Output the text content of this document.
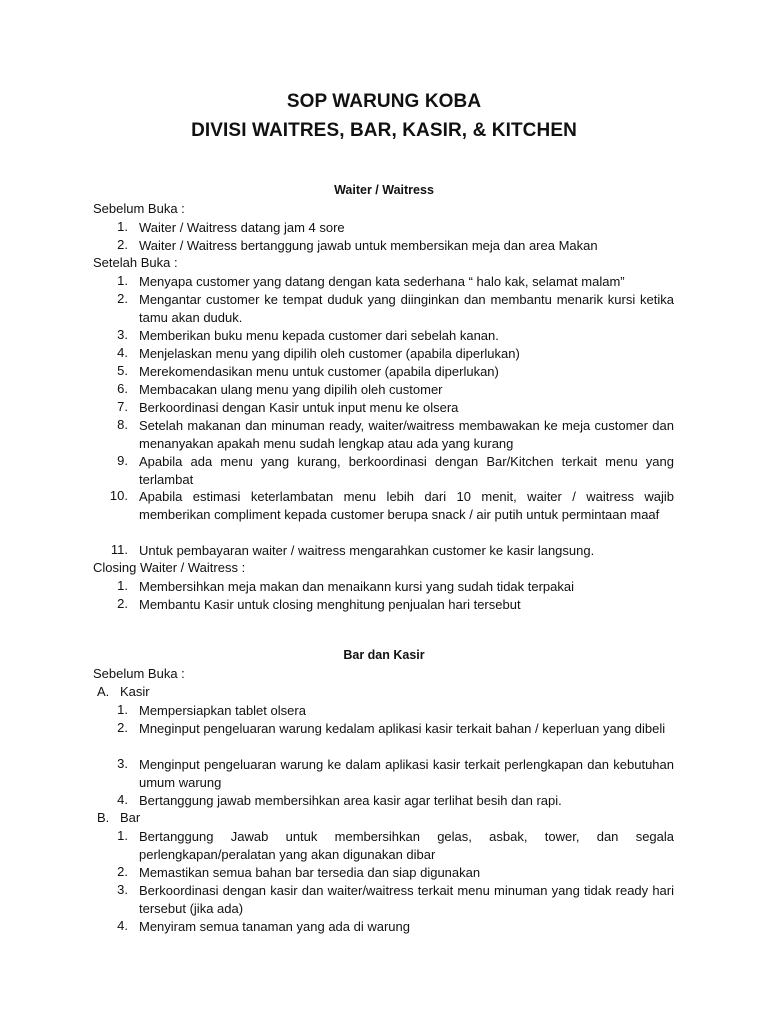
SOP WARUNG KOBA
DIVISI WAITRES, BAR, KASIR, & KITCHEN
Waiter / Waitress
Sebelum Buka :
1. Waiter / Waitress datang jam 4 sore
2. Waiter / Waitress bertanggung jawab untuk membersikan meja dan area Makan
Setelah Buka :
1. Menyapa customer yang datang dengan kata sederhana “ halo kak, selamat malam”
2. Mengantar customer ke tempat duduk yang diinginkan dan membantu menarik kursi ketika tamu akan duduk.
3. Memberikan buku menu kepada customer dari sebelah kanan.
4. Menjelaskan menu yang dipilih oleh customer (apabila diperlukan)
5. Merekomendasikan menu untuk customer (apabila diperlukan)
6. Membacakan ulang menu yang dipilih oleh customer
7. Berkoordinasi dengan Kasir untuk input menu ke olsera
8. Setelah makanan dan minuman ready, waiter/waitress membawakan ke meja customer dan menanyakan apakah menu sudah lengkap atau ada yang kurang
9. Apabila ada menu yang kurang, berkoordinasi dengan Bar/Kitchen terkait menu yang terlambat
10. Apabila estimasi keterlambatan menu lebih dari 10 menit, waiter / waitress wajib memberikan compliment kepada customer berupa snack / air putih untuk permintaan maaf
11. Untuk pembayaran waiter / waitress mengarahkan customer ke kasir langsung.
Closing Waiter / Waitress :
1. Membersihkan meja makan dan menaikann kursi yang sudah tidak terpakai
2. Membantu Kasir untuk closing menghitung penjualan hari tersebut
Bar dan Kasir
Sebelum Buka :
A. Kasir
1. Mempersiapkan tablet olsera
2. Mneginput pengeluaran warung kedalam aplikasi kasir terkait bahan / keperluan yang dibeli
3. Menginput pengeluaran warung ke dalam aplikasi kasir terkait perlengkapan dan kebutuhan umum warung
4. Bertanggung jawab membersihkan area kasir agar terlihat besih dan rapi.
B. Bar
1. Bertanggung Jawab untuk membersihkan gelas, asbak, tower, dan segala perlengkapan/peralatan yang akan digunakan dibar
2. Memastikan semua bahan bar tersedia dan siap digunakan
3. Berkoordinasi dengan kasir dan waiter/waitress terkait menu minuman yang tidak ready hari tersebut (jika ada)
4. Menyiram semua tanaman yang ada di warung
